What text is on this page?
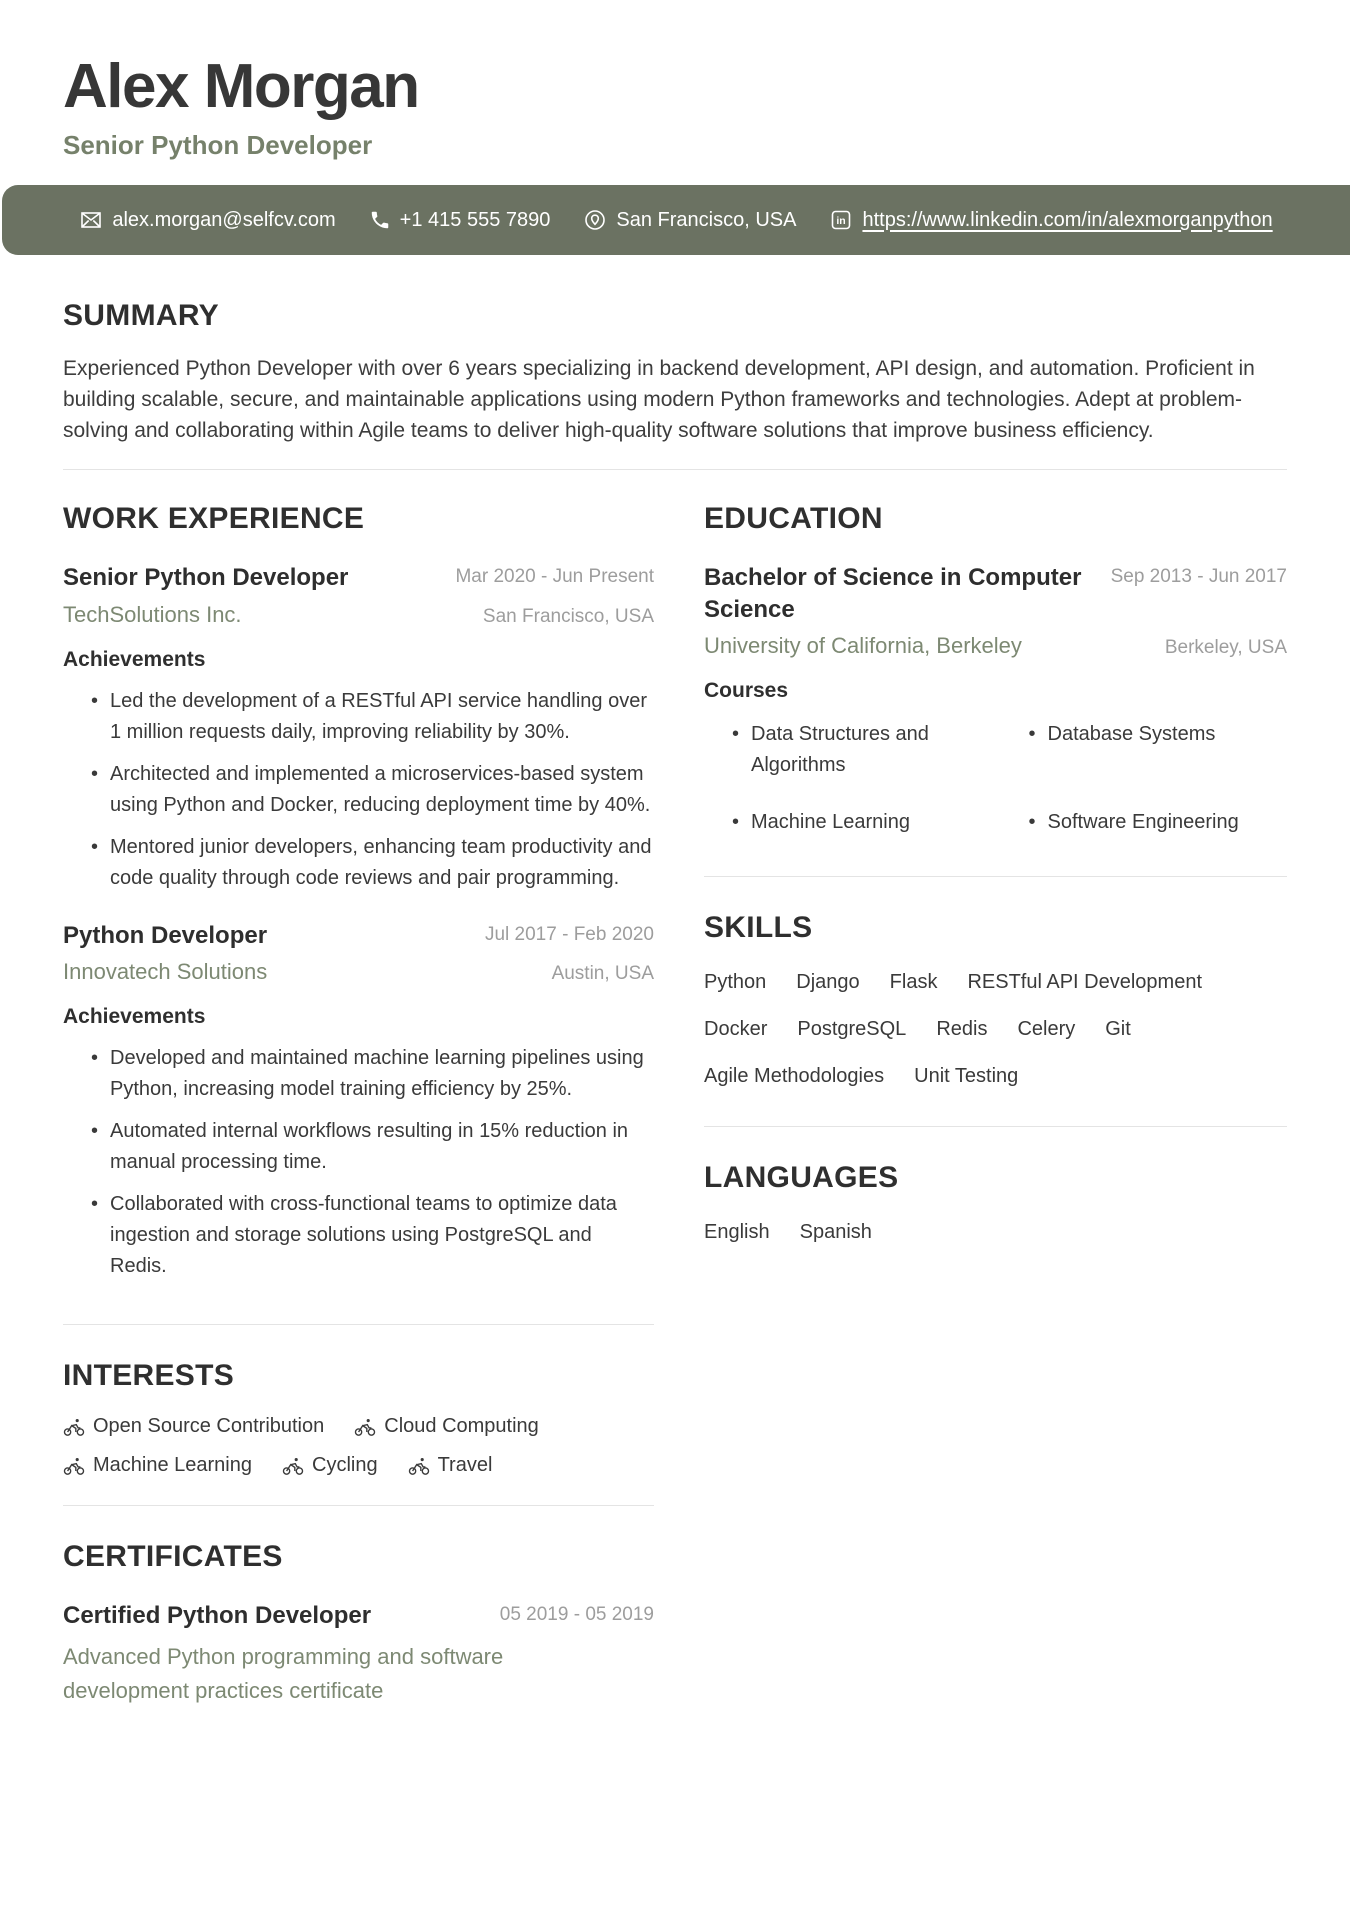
Alex Morgan
Senior Python Developer
alex.morgan@selfcv.com	+1 415 555 7890	San Francisco, USA	in https://www.linkedin.com/in/alexmorganpython
SUMMARY

Experienced Python Developer with over 6 years specializing in backend development, API design, and automation. Proficient in building scalable, secure, and maintainable applications using modern Python frameworks and technologies. Adept at problem-solving and collaborating within Agile teams to deliver high-quality software solutions that improve business efficiency.

WORK EXPERIENCE
Senior Python Developer	Mar 2020 - Jun Present
TechSolutions Inc.	San Francisco, USA
Achievements
• Led the development of a RESTful API service handling over 1 million requests daily, improving reliability by 30%.
• Architected and implemented a microservices-based system using Python and Docker, reducing deployment time by 40%.
• Mentored junior developers, enhancing team productivity and code quality through code reviews and pair programming.
Python Developer	Jul 2017 - Feb 2020
Innovatech Solutions	Austin, USA
Achievements
• Developed and maintained machine learning pipelines using Python, increasing model training efficiency by 25%.
• Automated internal workflows resulting in 15% reduction in manual processing time.
• Collaborated with cross-functional teams to optimize data ingestion and storage solutions using PostgreSQL and Redis.
INTERESTS
Open Source Contribution	Cloud Computing
Machine Learning	Cycling	Travel
CERTIFICATES
Certified Python Developer	05 2019 - 05 2019
Advanced Python programming and software development practices certificate
EDUCATION
Bachelor of Science in Computer Science
Sep 2013 - Jun 2017
University of California, Berkeley	Berkeley, USA
Courses
• Data Structures and Algorithms
• Database Systems
• Machine Learning	• Software Engineering
SKILLS
Python Django Flask RESTful API Development
Docker PostgreSQL Redis Celery Git
Agile Methodologies Unit Testing
LANGUAGES
English Spanish
